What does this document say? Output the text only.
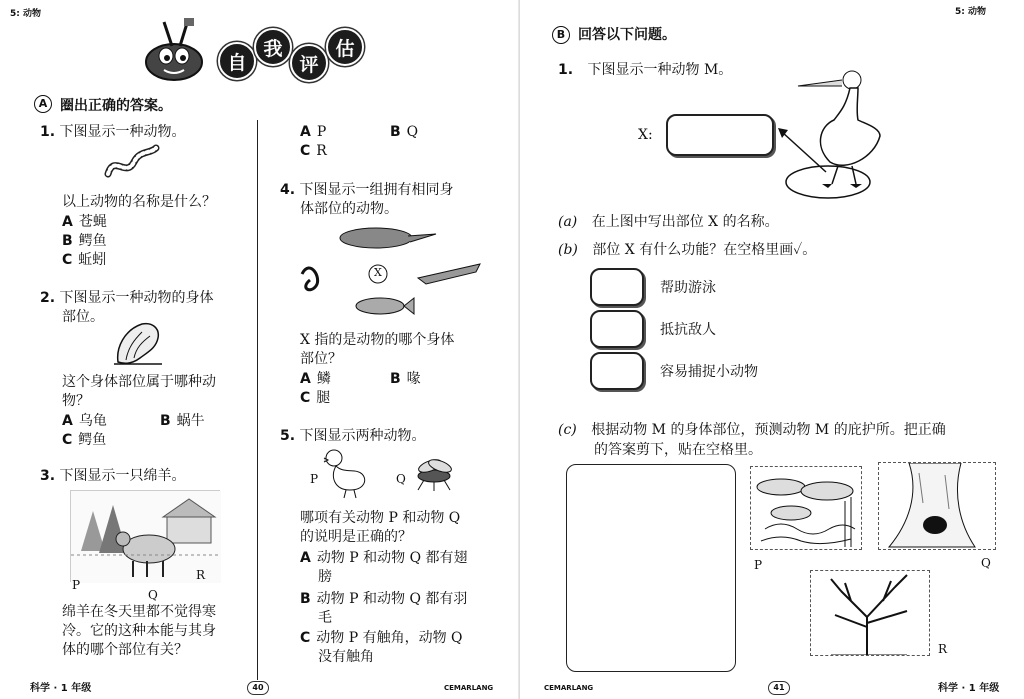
5: 动物
自
我
评
估
A 圈出正确的答案。
1. 下图显示一种动物。
以上动物的名称是什么？
A 苍蝇
B 鳄鱼
C 蚯蚓
2. 下图显示一种动物的身体
部位。
这个身体部位属于哪种动
物？
A 乌龟	B 蜗牛
C 鳄鱼
3. 下图显示一只绵羊。
P
Q
R
绵羊在冬天里都不觉得寒
冷。它的这种本能与其身
体的哪个部位有关？
A P	B Q
C R
4. 下图显示一组拥有相同身
体部位的动物。
X
X 指的是动物的哪个身体
部位？
A 鳞	B 喙
C 腿
5. 下图显示两种动物。
P	Q
哪项有关动物 P 和动物 Q
的说明是正确的？
A 动物 P 和动物 Q 都有翅
膀
B 动物 P 和动物 Q 都有羽
毛
C 动物 P 有触角，动物 Q
没有触角
科学 · 1 年级	40	CEMARLANG
5: 动物
B 回答以下问题。
1. 下图显示一种动物 M。
X:
(a) 在上图中写出部位 X 的名称。
(b) 部位 X 有什么功能？在空格里画✓。
帮助游泳
抵抗敌人
容易捕捉小动物
(c) 根据动物 M 的身体部位，预测动物 M 的庇护所。把正确
的答案剪下，贴在空格里。
P	Q
R
CEMARLANG	41	科学 · 1 年级
